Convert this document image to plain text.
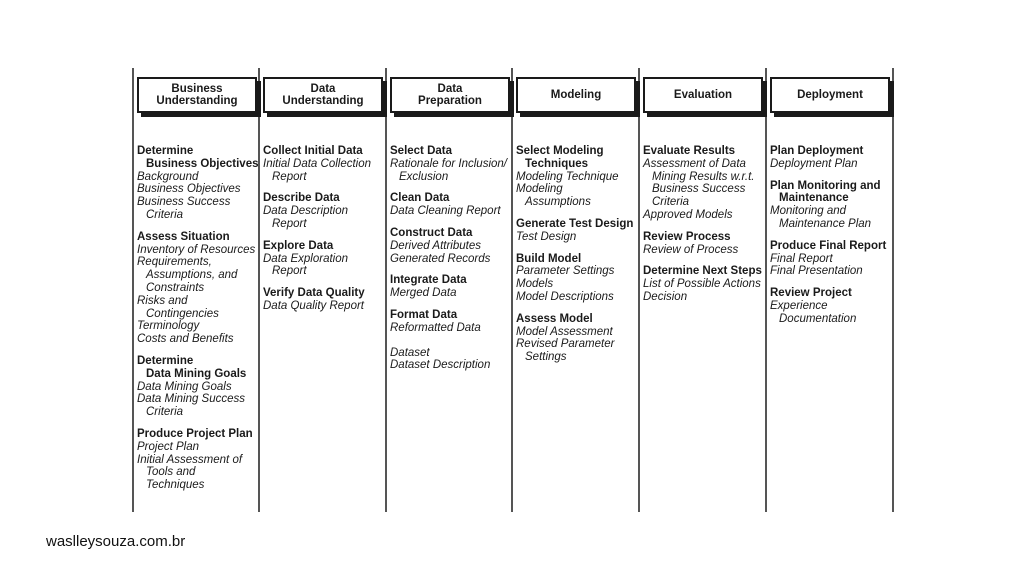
Business
Understanding
Determine
Business Objectives
Background
Business Objectives
Business Success
Criteria
Assess Situation
Inventory of Resources
Requirements,
Assumptions, and
Constraints
Risks and
Contingencies
Terminology
Costs and Benefits
Determine
Data Mining Goals
Data Mining Goals
Data Mining Success
Criteria
Produce Project Plan
Project Plan
Initial Assessment of
Tools and
Techniques
Data
Understanding
Collect Initial Data
Initial Data Collection
Report
Describe Data
Data Description
Report
Explore Data
Data Exploration
Report
Verify Data Quality
Data Quality Report
Data
Preparation
Select Data
Rationale for Inclusion/
Exclusion
Clean Data
Data Cleaning Report
Construct Data
Derived Attributes
Generated Records
Integrate Data
Merged Data
Format Data
Reformatted Data
Dataset
Dataset Description
Modeling
Select Modeling
Techniques
Modeling Technique
Modeling
Assumptions
Generate Test Design
Test Design
Build Model
Parameter Settings
Models
Model Descriptions
Assess Model
Model Assessment
Revised Parameter
Settings
Evaluation
Evaluate Results
Assessment of Data
Mining Results w.r.t.
Business Success
Criteria
Approved Models
Review Process
Review of Process
Determine Next Steps
List of Possible Actions
Decision
Deployment
Plan Deployment
Deployment Plan
Plan Monitoring and
Maintenance
Monitoring and
Maintenance Plan
Produce Final Report
Final Report
Final Presentation
Review Project
Experience
Documentation
waslleysouza.com.br
